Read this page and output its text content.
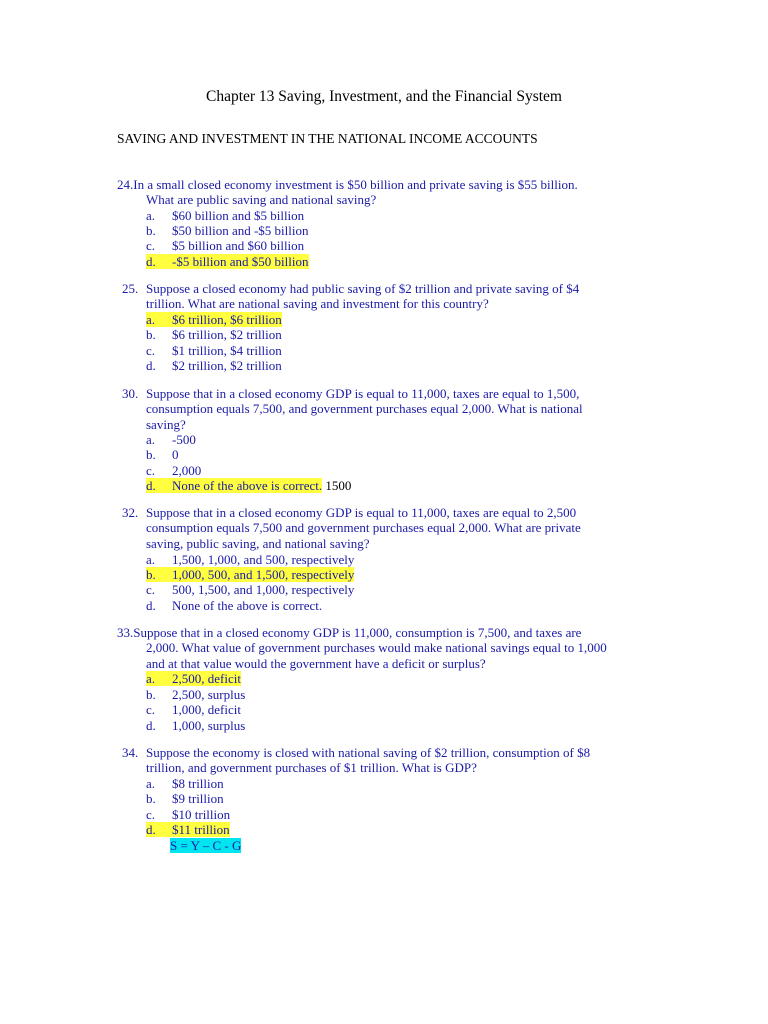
Chapter 13 Saving, Investment, and the Financial System
SAVING AND INVESTMENT IN THE NATIONAL INCOME ACCOUNTS
24.In a small closed economy investment is $50 billion and private saving is $55 billion.
What are public saving and national saving?
a. $60 billion and $5 billion
b. $50 billion and -$5 billion
c. $5 billion and $60 billion
d. -$5 billion and $50 billion
25. Suppose a closed economy had public saving of $2 trillion and private saving of $4
trillion. What are national saving and investment for this country?
a. $6 trillion, $6 trillion
b. $6 trillion, $2 trillion
c. $1 trillion, $4 trillion
d. $2 trillion, $2 trillion
30. Suppose that in a closed economy GDP is equal to 11,000, taxes are equal to 1,500,
consumption equals 7,500, and government purchases equal 2,000. What is national
saving?
a. -500
b. 0
c. 2,000
d. None of the above is correct. 1500
32. Suppose that in a closed economy GDP is equal to 11,000, taxes are equal to 2,500
consumption equals 7,500 and government purchases equal 2,000. What are private
saving, public saving, and national saving?
a. 1,500, 1,000, and 500, respectively
b. 1,000, 500, and 1,500, respectively
c. 500, 1,500, and 1,000, respectively
d. None of the above is correct.
33.Suppose that in a closed economy GDP is 11,000, consumption is 7,500, and taxes are
2,000. What value of government purchases would make national savings equal to 1,000
and at that value would the government have a deficit or surplus?
a. 2,500, deficit
b. 2,500, surplus
c. 1,000, deficit
d. 1,000, surplus
34. Suppose the economy is closed with national saving of $2 trillion, consumption of $8
trillion, and government purchases of $1 trillion. What is GDP?
a. $8 trillion
b. $9 trillion
c. $10 trillion
d. $11 trillion
S = Y – C - G
